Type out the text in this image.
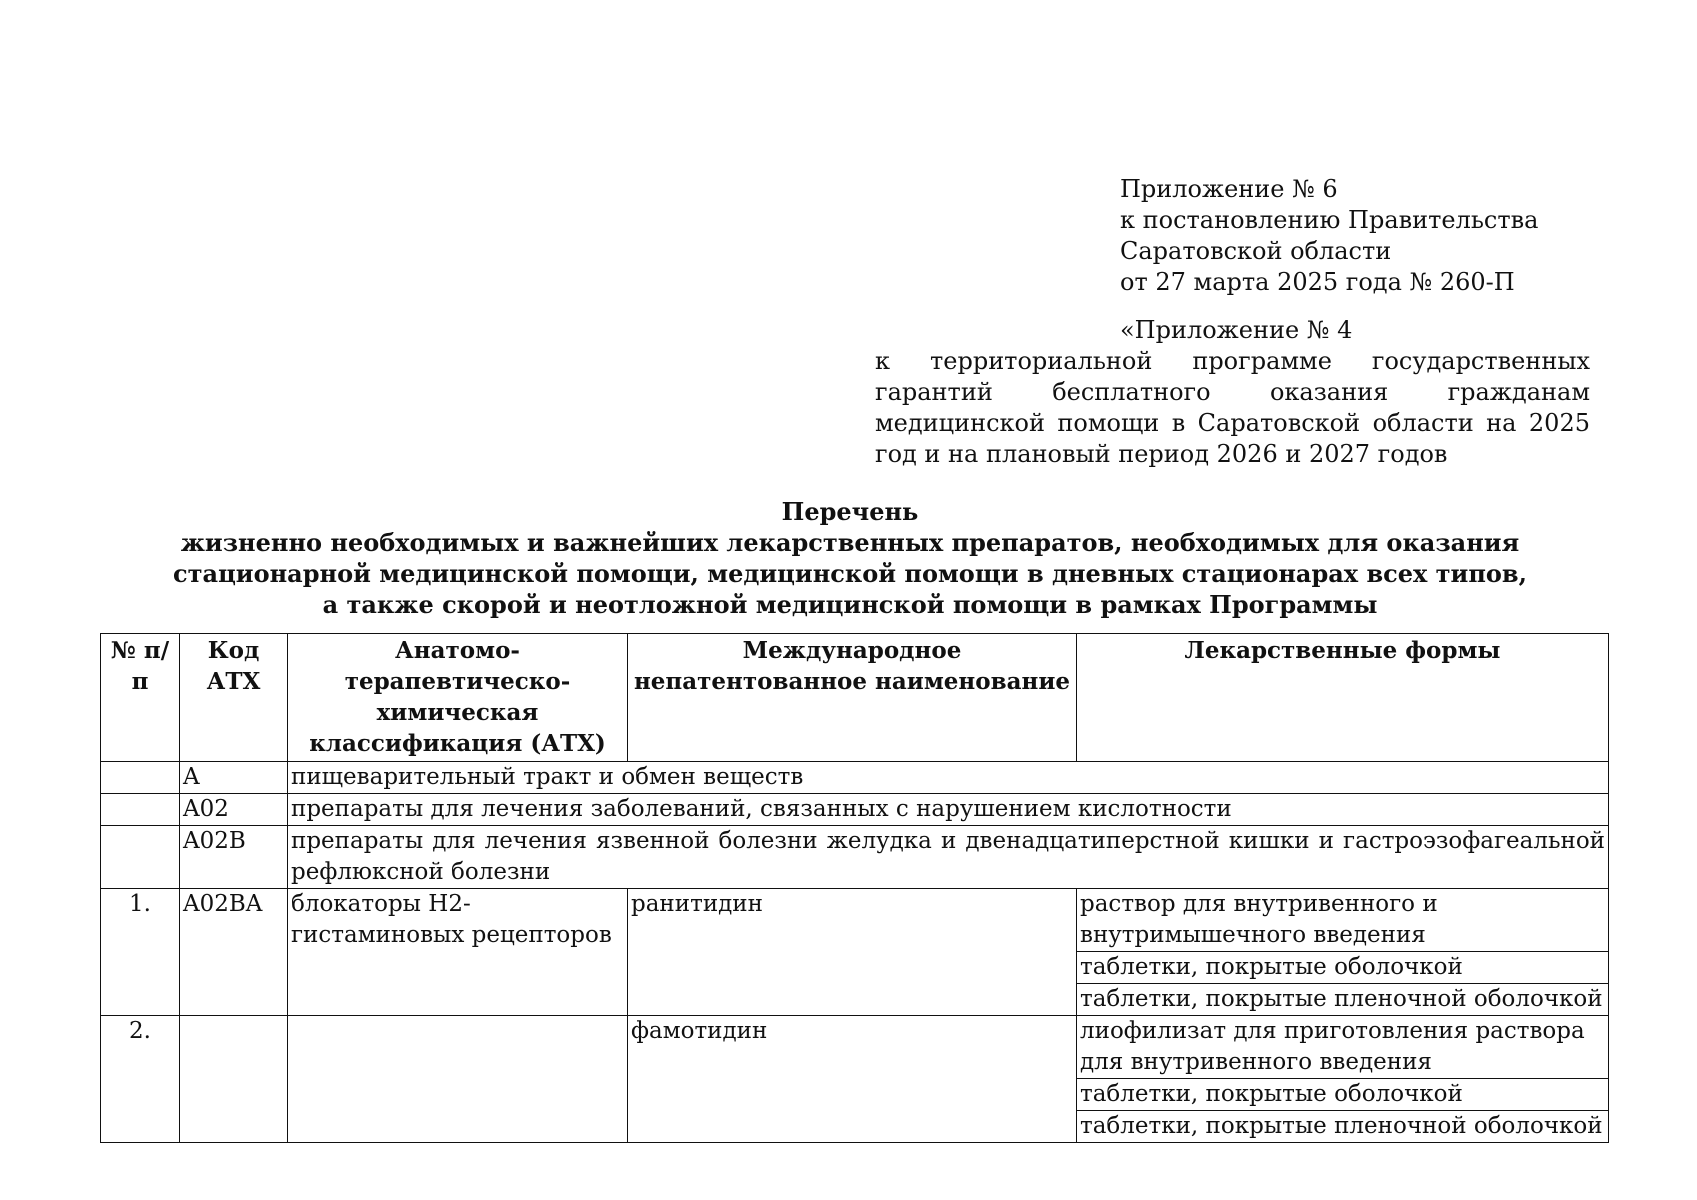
Приложение № 6
к постановлению Правительства
Саратовской области
от 27 марта 2025 года № 260-П
«Приложение № 4
к территориальной программе государственных гарантий бесплатного оказания гражданам медицинской помощи в Саратовской области на 2025 год и на плановый период 2026 и 2027 годов
Перечень
жизненно необходимых и важнейших лекарственных препаратов, необходимых для оказания
стационарной медицинской помощи, медицинской помощи в дневных стационарах всех типов,
а также скорой и неотложной медицинской помощи в рамках Программы
№ п/п	Код АТХ	Анатомо-терапевтическо-химическая классификация (АТХ)	Международное непатентованное наименование	Лекарственные формы
	A	пищеварительный тракт и обмен веществ		
	A02	препараты для лечения заболеваний, связанных с нарушением кислотности		
	A02B	препараты для лечения язвенной болезни желудка и двенадцатиперстной кишки и гастроэзофагеальной рефлюксной болезни		
1.	A02BA	блокаторы H2-гистаминовых рецепторов	ранитидин	раствор для внутривенного и внутримышечного введения
				таблетки, покрытые оболочкой
				таблетки, покрытые пленочной оболочкой
2.			фамотидин	лиофилизат для приготовления раствора для внутривенного введения
				таблетки, покрытые оболочкой
				таблетки, покрытые пленочной оболочкой
